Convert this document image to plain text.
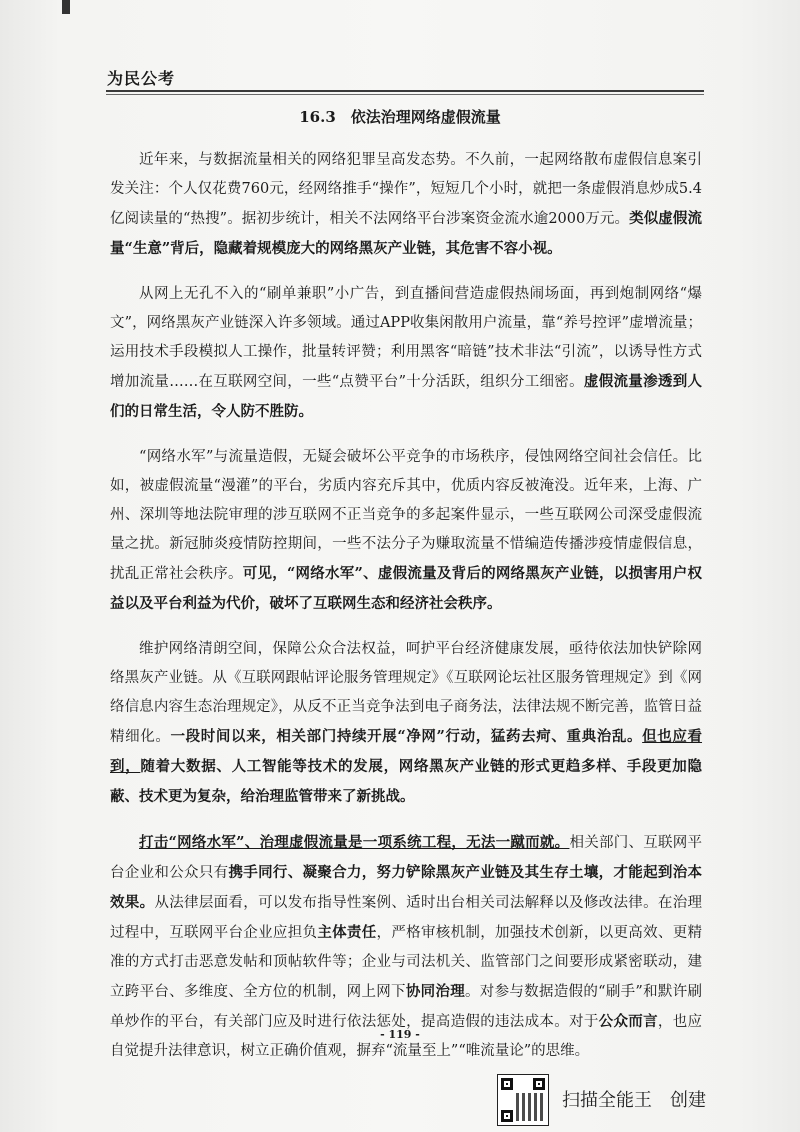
为民公考
16.3　依法治理网络虚假流量

近年来，与数据流量相关的网络犯罪呈高发态势。不久前，一起网络散布虚假信息案引发关注：个人仅花费760元，经网络推手“操作”，短短几个小时，就把一条虚假消息炒成5.4亿阅读量的“热搜”。据初步统计，相关不法网络平台涉案资金流水逾2000万元。类似虚假流量“生意”背后，隐藏着规模庞大的网络黑灰产业链，其危害不容小视。

从网上无孔不入的“刷单兼职”小广告，到直播间营造虚假热闹场面，再到炮制网络“爆文”，网络黑灰产业链深入许多领域。通过APP收集闲散用户流量，靠“养号控评”虚增流量；运用技术手段模拟人工操作，批量转评赞；利用黑客“暗链”技术非法“引流”，以诱导性方式增加流量……在互联网空间，一些“点赞平台”十分活跃，组织分工细密。虚假流量渗透到人们的日常生活，令人防不胜防。

“网络水军”与流量造假，无疑会破坏公平竞争的市场秩序，侵蚀网络空间社会信任。比如，被虚假流量“漫灌”的平台，劣质内容充斥其中，优质内容反被淹没。近年来，上海、广州、深圳等地法院审理的涉互联网不正当竞争的多起案件显示，一些互联网公司深受虚假流量之扰。新冠肺炎疫情防控期间，一些不法分子为赚取流量不惜编造传播涉疫情虚假信息，扰乱正常社会秩序。可见，“网络水军”、虚假流量及背后的网络黑灰产业链，以损害用户权益以及平台利益为代价，破坏了互联网生态和经济社会秩序。

维护网络清朗空间，保障公众合法权益，呵护平台经济健康发展，亟待依法加快铲除网络黑灰产业链。从《互联网跟帖评论服务管理规定》《互联网论坛社区服务管理规定》到《网络信息内容生态治理规定》，从反不正当竞争法到电子商务法，法律法规不断完善，监管日益精细化。一段时间以来，相关部门持续开展“净网”行动，猛药去疴、重典治乱。但也应看到，随着大数据、人工智能等技术的发展，网络黑灰产业链的形式更趋多样、手段更加隐蔽、技术更为复杂，给治理监管带来了新挑战。

打击“网络水军”、治理虚假流量是一项系统工程，无法一蹴而就。相关部门、互联网平台企业和公众只有携手同行、凝聚合力，努力铲除黑灰产业链及其生存土壤，才能起到治本效果。从法律层面看，可以发布指导性案例、适时出台相关司法解释以及修改法律。在治理过程中，互联网平台企业应担负主体责任，严格审核机制，加强技术创新，以更高效、更精准的方式打击恶意发帖和顶帖软件等；企业与司法机关、监管部门之间要形成紧密联动，建立跨平台、多维度、全方位的机制，网上网下协同治理。对参与数据造假的“刷手”和默许刷单炒作的平台，有关部门应及时进行依法惩处，提高造假的违法成本。对于公众而言，也应自觉提升法律意识，树立正确价值观，摒弃“流量至上”“唯流量论”的思维。

- 119 -
扫描全能王　创建
